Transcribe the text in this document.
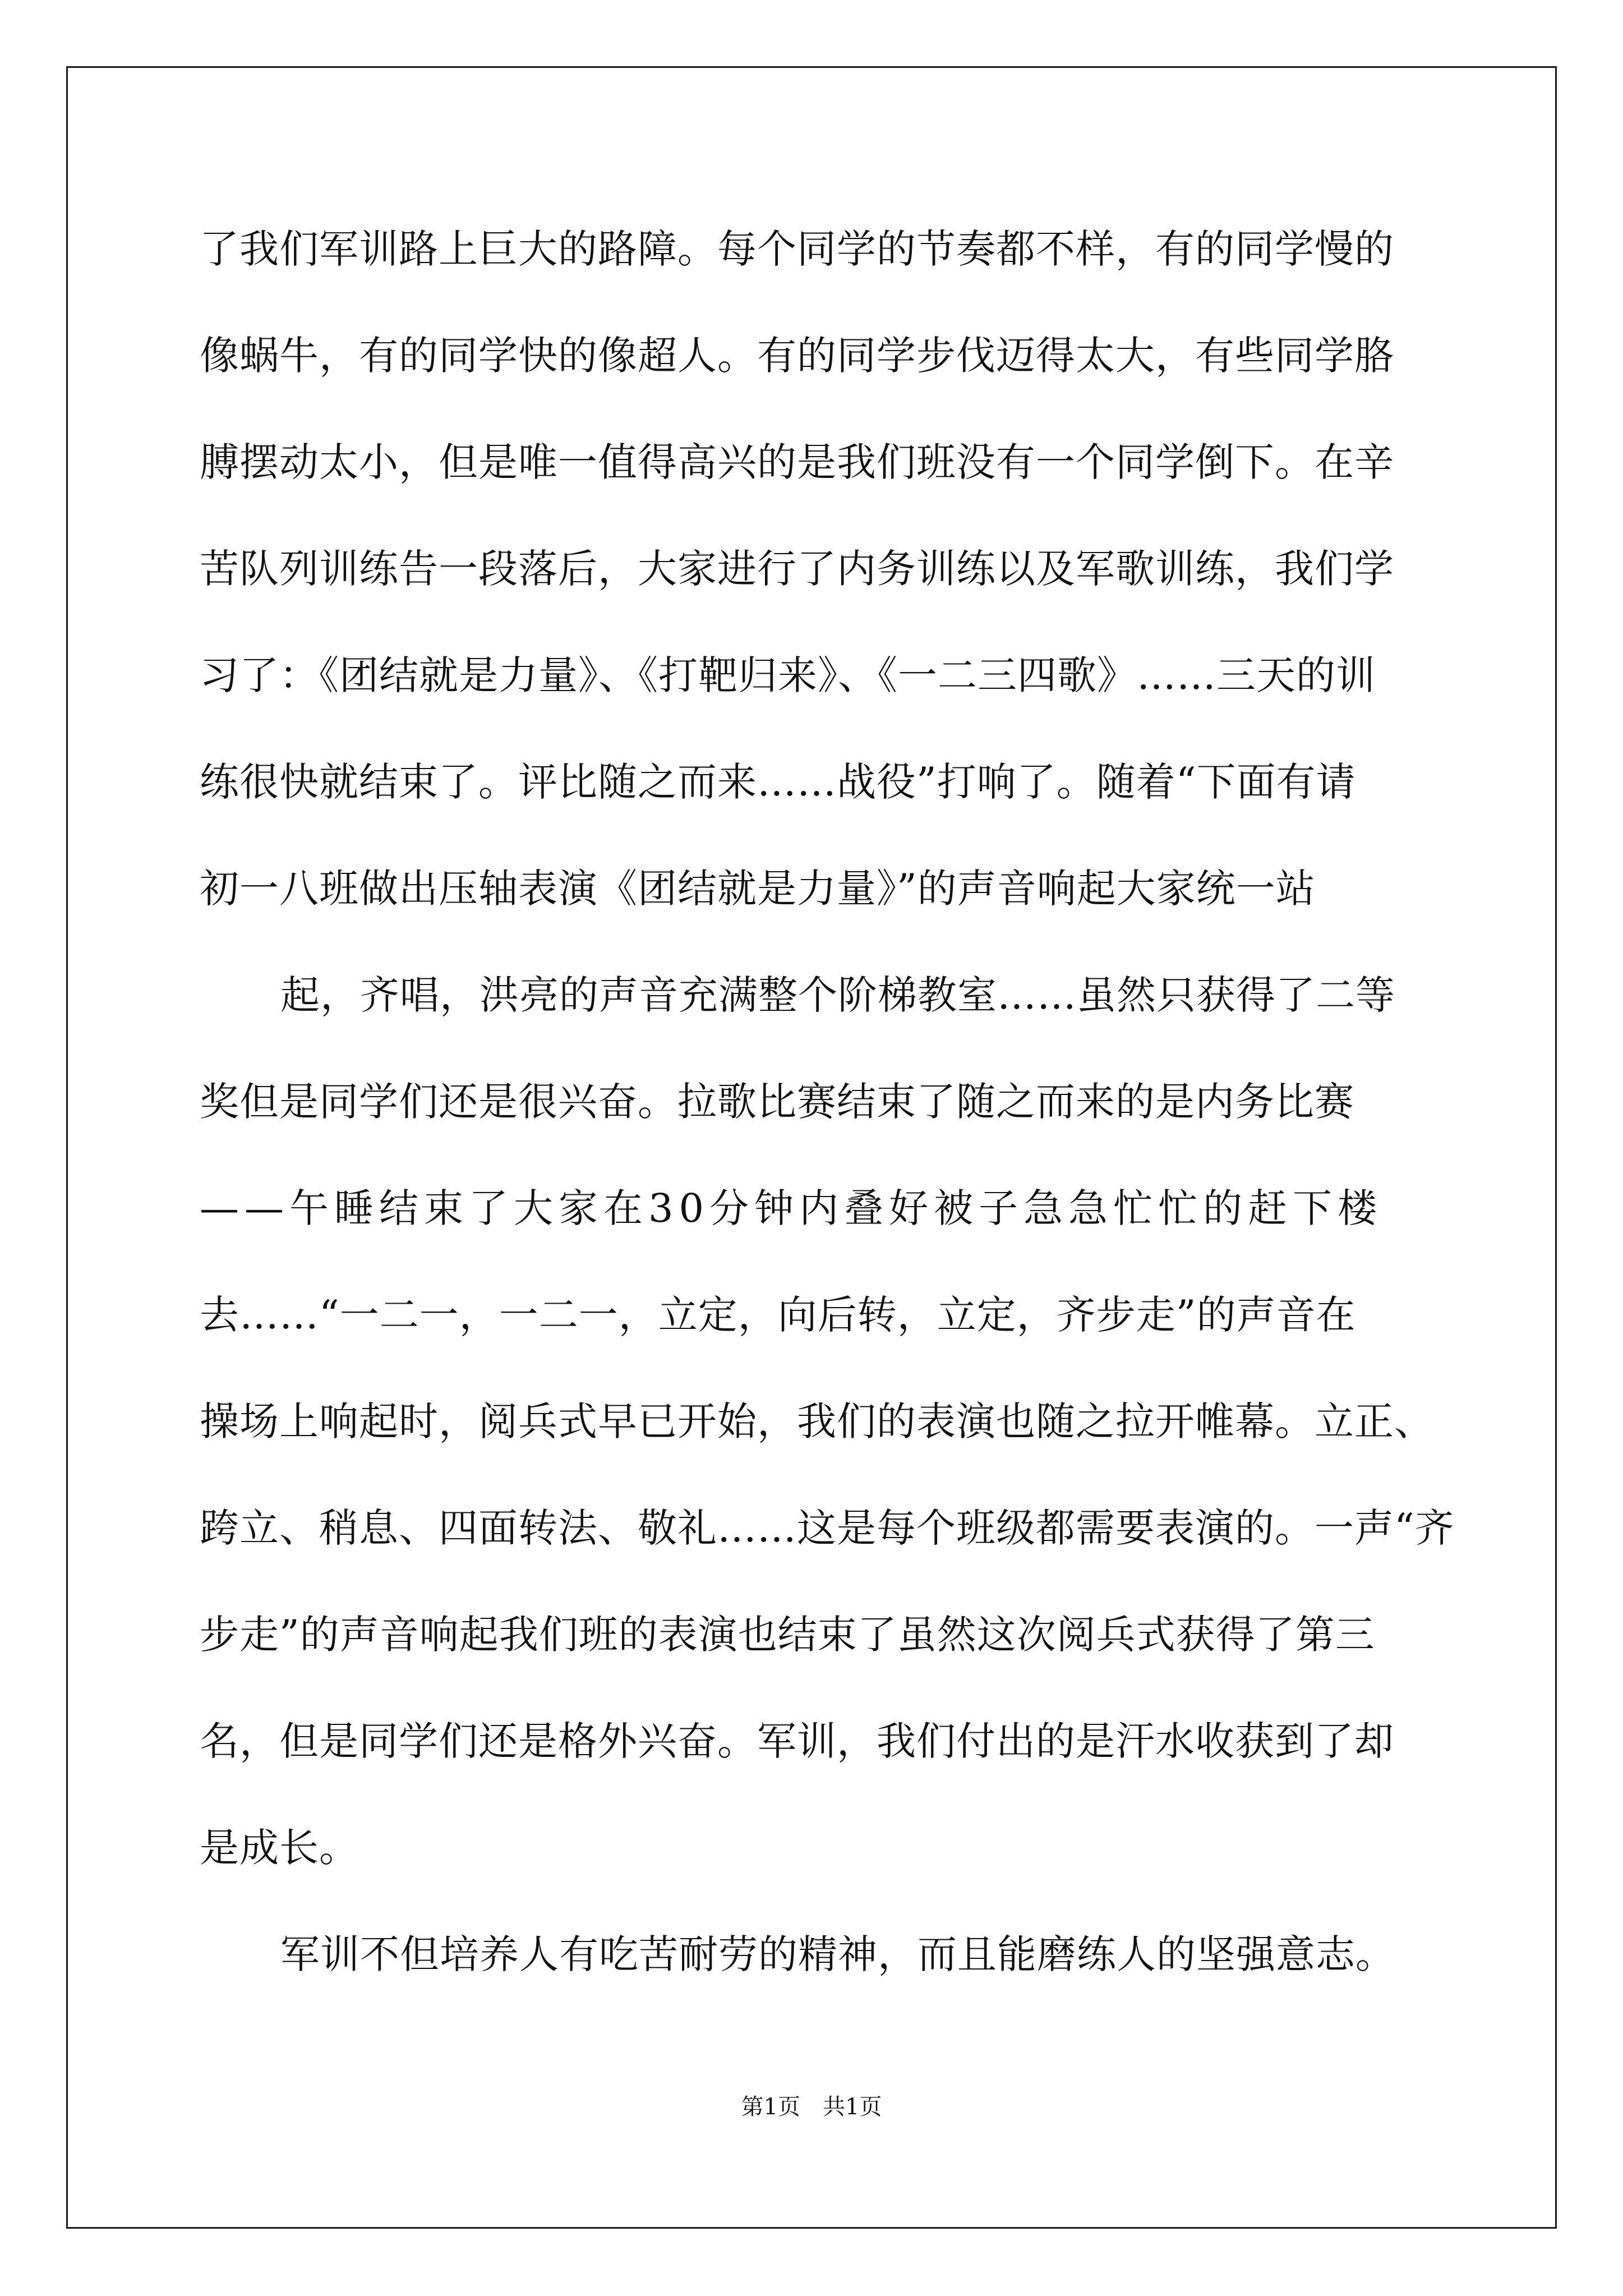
了我们军训路上巨大的路障。每个同学的节奏都不样，有的同学慢的
像蜗牛，有的同学快的像超人。有的同学步伐迈得太大，有些同学胳
膊摆动太小，但是唯一值得高兴的是我们班没有一个同学倒下。在辛
苦队列训练告一段落后，大家进行了内务训练以及军歌训练，我们学
习了：《团结就是力量》、《打靶归来》、《一二三四歌》……三天的训
练很快就结束了。评比随之而来……战役”打响了。随着“下面有请
初一八班做出压轴表演《团结就是力量》”的声音响起大家统一站
起，齐唱，洪亮的声音充满整个阶梯教室……虽然只获得了二等
奖但是同学们还是很兴奋。拉歌比赛结束了随之而来的是内务比赛
——午睡结束了大家在30分钟内叠好被子急急忙忙的赶下楼
去……“一二一，一二一，立定，向后转，立定，齐步走”的声音在
操场上响起时，阅兵式早已开始，我们的表演也随之拉开帷幕。立正、
跨立、稍息、四面转法、敬礼……这是每个班级都需要表演的。一声“齐
步走”的声音响起我们班的表演也结束了虽然这次阅兵式获得了第三
名，但是同学们还是格外兴奋。军训，我们付出的是汗水收获到了却
是成长。
军训不但培养人有吃苦耐劳的精神，而且能磨练人的坚强意志。
第1页　共1页
